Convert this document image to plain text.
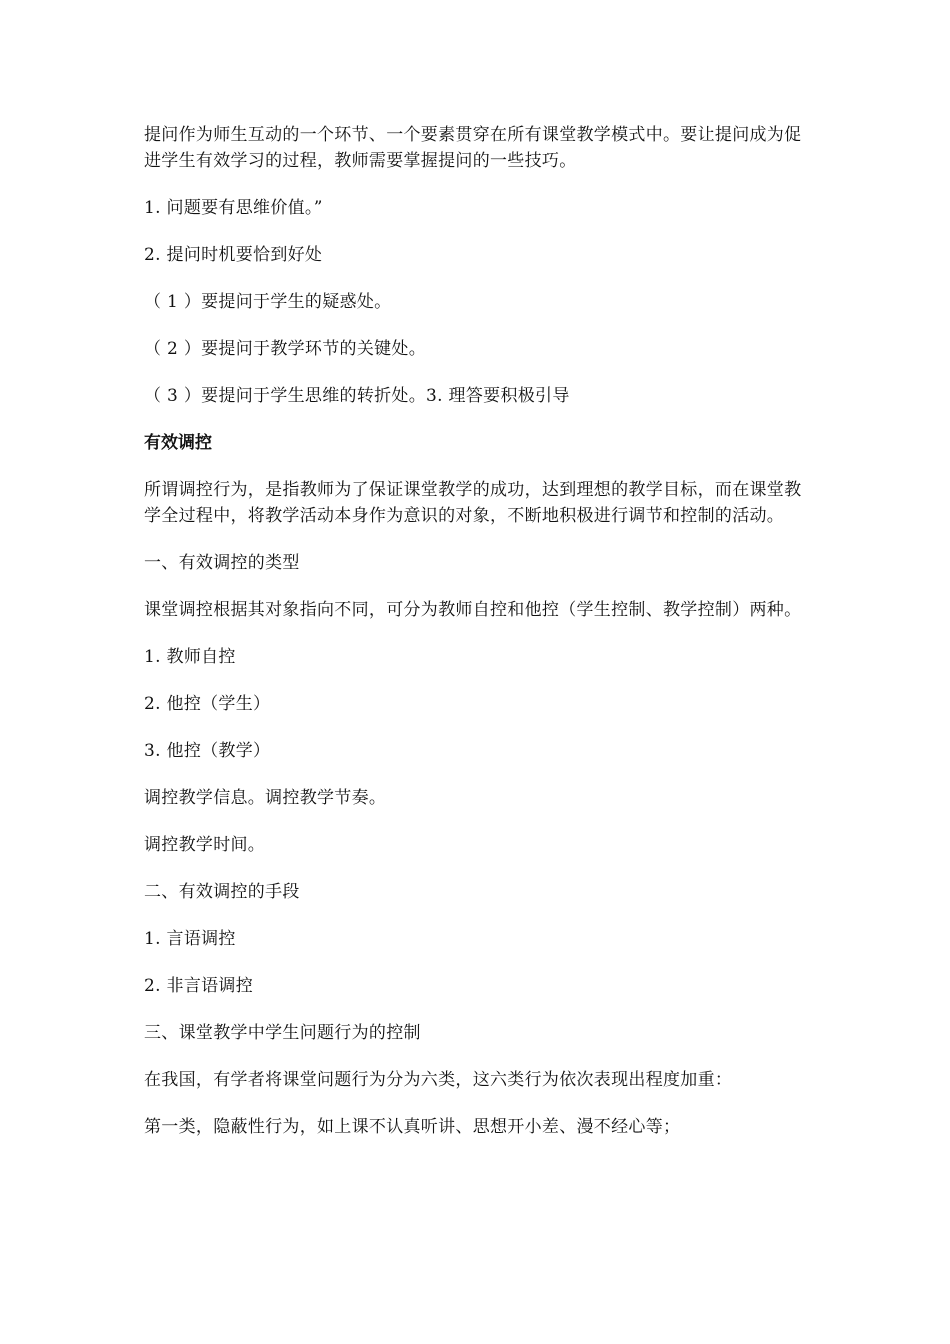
提问作为师生互动的一个环节、一个要素贯穿在所有课堂教学模式中。要让提问成为促进学生有效学习的过程，教师需要掌握提问的一些技巧。

1. 问题要有思维价值。”

2. 提问时机要恰到好处

（ 1 ）要提问于学生的疑惑处。

（ 2 ）要提问于教学环节的关键处。

（ 3 ）要提问于学生思维的转折处。3. 理答要积极引导

有效调控

所谓调控行为，是指教师为了保证课堂教学的成功，达到理想的教学目标，而在课堂教学全过程中，将教学活动本身作为意识的对象，不断地积极进行调节和控制的活动。

一、有效调控的类型

课堂调控根据其对象指向不同，可分为教师自控和他控（学生控制、教学控制）两种。

1. 教师自控

2. 他控（学生）

3. 他控（教学）

调控教学信息。调控教学节奏。

调控教学时间。

二、有效调控的手段

1. 言语调控

2. 非言语调控

三、课堂教学中学生问题行为的控制

在我国，有学者将课堂问题行为分为六类，这六类行为依次表现出程度加重：

第一类，隐蔽性行为，如上课不认真听讲、思想开小差、漫不经心等；
